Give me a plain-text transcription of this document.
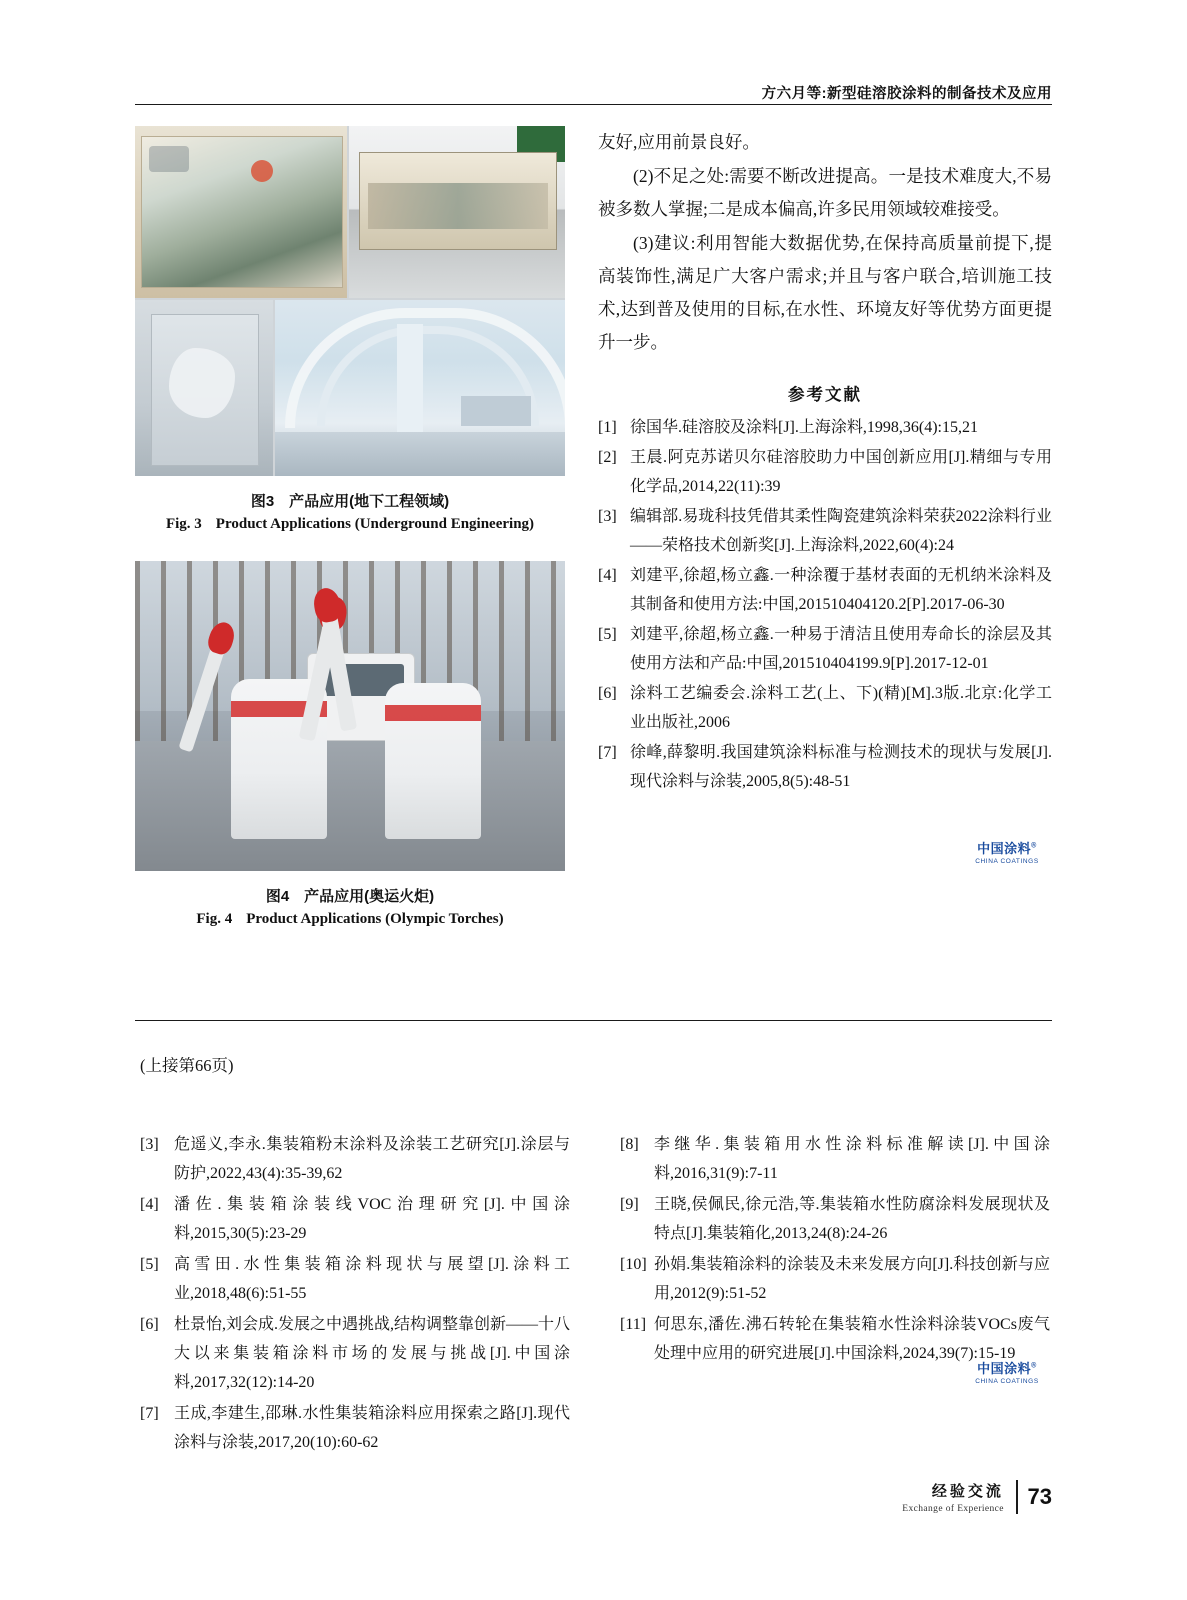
方六月等:新型硅溶胶涂料的制备技术及应用
图3　产品应用(地下工程领域)
Fig. 3 Product Applications (Underground Engineering)
图4　产品应用(奥运火炬)
Fig. 4 Product Applications (Olympic Torches)

友好,应用前景良好。

(2)不足之处:需要不断改进提高。一是技术难度大,不易被多数人掌握;二是成本偏高,许多民用领域较难接受。

(3)建议:利用智能大数据优势,在保持高质量前提下,提高装饰性,满足广大客户需求;并且与客户联合,培训施工技术,达到普及使用的目标,在水性、环境友好等优势方面更提升一步。

参考文献
[1] 徐国华.硅溶胶及涂料[J].上海涂料,1998,36(4):15,21
[2] 王晨.阿克苏诺贝尔硅溶胶助力中国创新应用[J].精细与专用化学品,2014,22(11):39
[3] 编辑部.易珑科技凭借其柔性陶瓷建筑涂料荣获2022涂料行业——荣格技术创新奖[J].上海涂料,2022,60(4):24
[4] 刘建平,徐超,杨立鑫.一种涂覆于基材表面的无机纳米涂料及其制备和使用方法:中国,201510404120.2[P].2017-06-30
[5] 刘建平,徐超,杨立鑫.一种易于清洁且使用寿命长的涂层及其使用方法和产品:中国,201510404199.9[P].2017-12-01
[6] 涂料工艺编委会.涂料工艺(上、下)(精)[M].3版.北京:化学工业出版社,2006
[7] 徐峰,薛黎明.我国建筑涂料标准与检测技术的现状与发展[J].现代涂料与涂装,2005,8(5):48-51
中国涂料®
CHINA COATINGS
(上接第66页)
[3] 危遥义,李永.集装箱粉末涂料及涂装工艺研究[J].涂层与防护,2022,43(4):35-39,62
[4] 潘佐.集装箱涂装线VOC治理研究[J].中国涂料,2015,30(5):23-29
[5] 高雪田.水性集装箱涂料现状与展望[J].涂料工业,2018,48(6):51-55
[6] 杜景怡,刘会成.发展之中遇挑战,结构调整靠创新——十八大以来集装箱涂料市场的发展与挑战[J].中国涂料,2017,32(12):14-20
[7] 王成,李建生,邵琳.水性集装箱涂料应用探索之路[J].现代涂料与涂装,2017,20(10):60-62
[8] 李继华.集装箱用水性涂料标准解读[J].中国涂料,2016,31(9):7-11
[9] 王晓,侯佩民,徐元浩,等.集装箱水性防腐涂料发展现状及特点[J].集装箱化,2013,24(8):24-26
[10] 孙娟.集装箱涂料的涂装及未来发展方向[J].科技创新与应用,2012(9):51-52
[11] 何思东,潘佐.沸石转轮在集装箱水性涂料涂装VOCs废气处理中应用的研究进展[J].中国涂料,2024,39(7):15-19
中国涂料®
CHINA COATINGS
经验交流
Exchange of Experience 73
